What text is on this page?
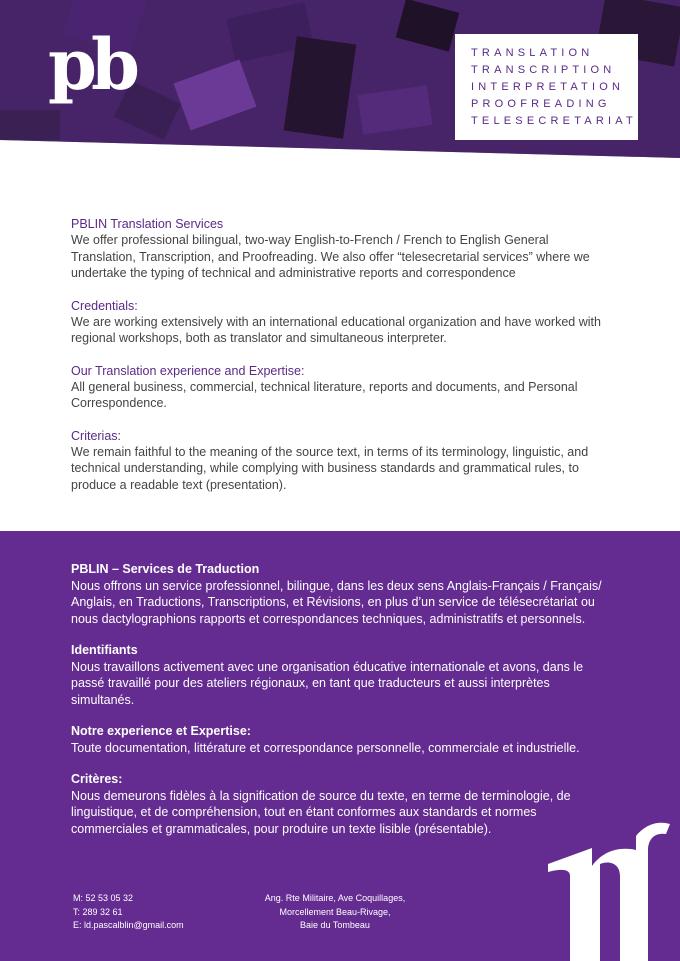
pb	TRANSLATION
TRANSCRIPTION
INTERPRETATION
PROOFREADING
TELESECRETARIAT
PBLIN Translation Services

We offer professional bilingual, two-way English-to-French / French to English General Translation, Transcription, and Proofreading. We also offer “telesecretarial services” where we undertake the typing of technical and administrative reports and correspondence

Credentials:

We are working extensively with an international educational organization and have worked with regional workshops, both as translator and simultaneous interpreter.

Our Translation experience and Expertise:

All general business, commercial, technical literature, reports and documents, and Personal Correspondence.

Criterias:

We remain faithful to the meaning of the source text, in terms of its terminology, linguistic, and technical understanding, while complying with business standards and grammatical rules, to produce a readable text (presentation).

PBLIN – Services de Traduction

Nous offrons un service professionnel, bilingue, dans les deux sens Anglais-Français / Français/ Anglais, en Traductions, Transcriptions, et Révisions, en plus d’un service de télésecrétariat ou nous dactylographions rapports et correspondances techniques, administratifs et personnels.

Identifiants

Nous travaillons activement avec une organisation éducative internationale et avons, dans le passé travaillé pour des ateliers régionaux, en tant que traducteurs et aussi interprètes simultanés.

Notre experience et Expertise:

Toute documentation, littérature et correspondance personnelle, commerciale et industrielle.

Critères:

Nous demeurons fidèles à la signification de source du texte, en terme de terminologie, de linguistique, et de compréhension, tout en étant conformes aux standards et normes commerciales et grammaticales, pour produire un texte lisible (présentable).

M: 52 53 05 32
T: 289 32 61
E: ld.pascalblin@gmail.com
Ang. Rte Militaire, Ave Coquillages,
Morcellement Beau-Rivage,
Baie du Tombeau
